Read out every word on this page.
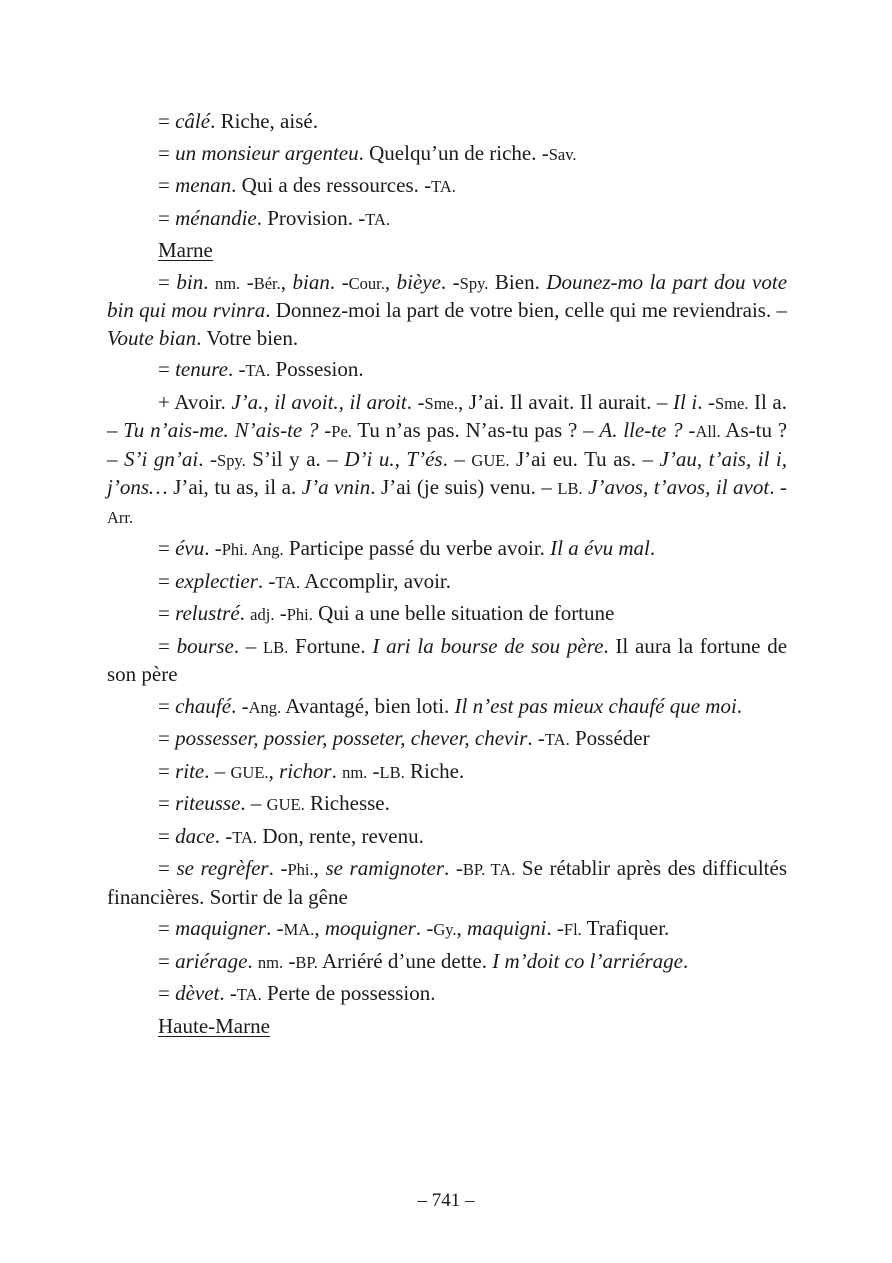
= câlé. Riche, aisé.

= un monsieur argenteu. Quelqu’un de riche. -Sav.

= menan. Qui a des ressources. -TA.

= ménandie. Provision. -TA.

Marne

= bin. nm. -Bér., bian. -Cour., bièye. -Spy. Bien. Dounez-mo la part dou vote bin qui mou rvinra. Donnez-moi la part de votre bien, celle qui me reviendrais. – Voute bian. Votre bien.

= tenure. -TA. Possesion.

+ Avoir. J’a., il avoit., il aroit. -Sme., J’ai. Il avait. Il aurait. – Il i. -Sme. Il a. – Tu n’ais-me. N’ais-te ? -Pe. Tu n’as pas. N’as-tu pas ? – A. lle-te ? -All. As-tu ? – S’i gn’ai. -Spy. S’il y a. – D’i u., T’és. – GUE. J’ai eu. Tu as. – J’au, t’ais, il i, j’ons… J’ai, tu as, il a. J’a vnin. J’ai (je suis) venu. – LB. J’avos, t’avos, il avot. -Arr.

= évu. -Phi. Ang. Participe passé du verbe avoir. Il a évu mal.

= explectier. -TA. Accomplir, avoir.

= relustré. adj. -Phi. Qui a une belle situation de fortune

= bourse. – LB. Fortune. I ari la bourse de sou père. Il aura la fortune de son père

= chaufé. -Ang. Avantagé, bien loti. Il n’est pas mieux chaufé que moi.

= possesser, possier, posseter, chever, chevir. -TA. Posséder

= rite. – GUE., richor. nm. -LB. Riche.

= riteusse. – GUE. Richesse.

= dace. -TA. Don, rente, revenu.

= se regrèfer. -Phi., se ramignoter. -BP. TA. Se rétablir après des difficultés financières. Sortir de la gêne

= maquigner. -MA., moquigner. -Gy., maquigni. -Fl. Trafiquer.

= ariérage. nm. -BP. Arriéré d’une dette. I m’doit co l’arriérage.

= dèvet. -TA. Perte de possession.

Haute-Marne

– 741 –
